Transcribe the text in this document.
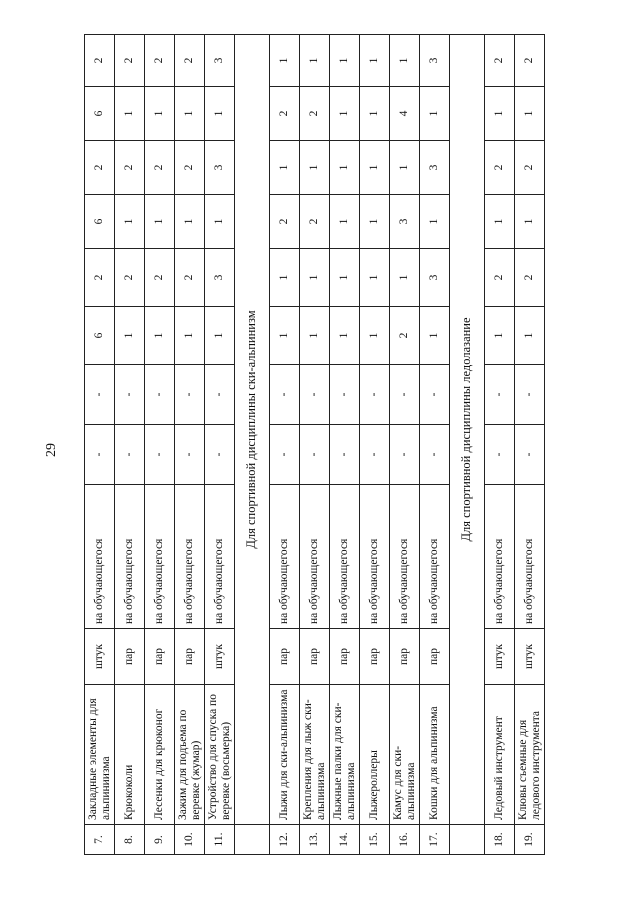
29
7.	Закладные элементы для альпиниизма	штук	на обучающегося	-	-	6	2	6	2	6	2
8.	Крюкоколи	пар	на обучающегося	-	-	1	2	1	2	1	2
9.	Лесенки для крюконог	пар	на обучающегося	-	-	1	2	1	2	1	2
10.	Зажим для подъема по веревке (жумар)	пар	на обучающегося	-	-	1	2	1	2	1	2
11.	Устройство для спуска по веревке (восьмерка)	штук	на обучающегося	-	-	1	3	1	3	1	3
	Для спортивной дисциплины ски-альпинизм										
12.	Лыжи для ски-альпинизма	пар	на обучающегося	-	-	1	1	2	1	2	1
13.	Крепления для лыж ски-альпинизма	пар	на обучающегося	-	-	1	1	2	1	2	1
14.	Лыжные палки для ски-альпинизма	пар	на обучающегося	-	-	1	1	1	1	1	1
15.	Лыжероллеры	пар	на обучающегося	-	-	1	1	1	1	1	1
16.	Камус для ски-альпинизма	пар	на обучающегося	-	-	2	1	3	1	4	1
17.	Кошки для альпинизма	пар	на обучающегося	-	-	1	3	1	3	1	3
	Для спортивной дисциплины ледолазание										
18.	Ледовый инструмент	штук	на обучающегося	-	-	1	2	1	2	1	2
19.	Клювы съемные для ледового инструмента	штук	на обучающегося	-	-	1	2	1	2	1	2
